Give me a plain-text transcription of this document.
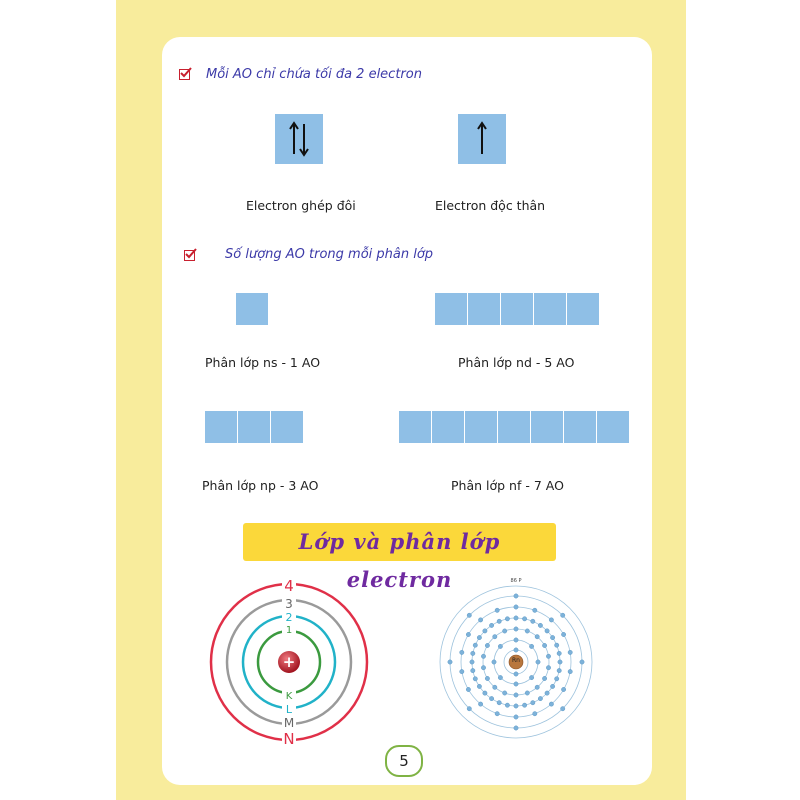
Mỗi AO chỉ chứa tối đa 2 electron
Electron ghép đôi	Electron độc thân
Số lượng AO trong mỗi phân lớp
Phân lớp ns - 1 AO	Phân lớp nd - 5 AO
Phân lớp np - 3 AO	Phân lớp nf - 7 AO
Lớp và phân lớp electron
+
4
3
2
1
K
L
M
N
Rn
86 P
5
